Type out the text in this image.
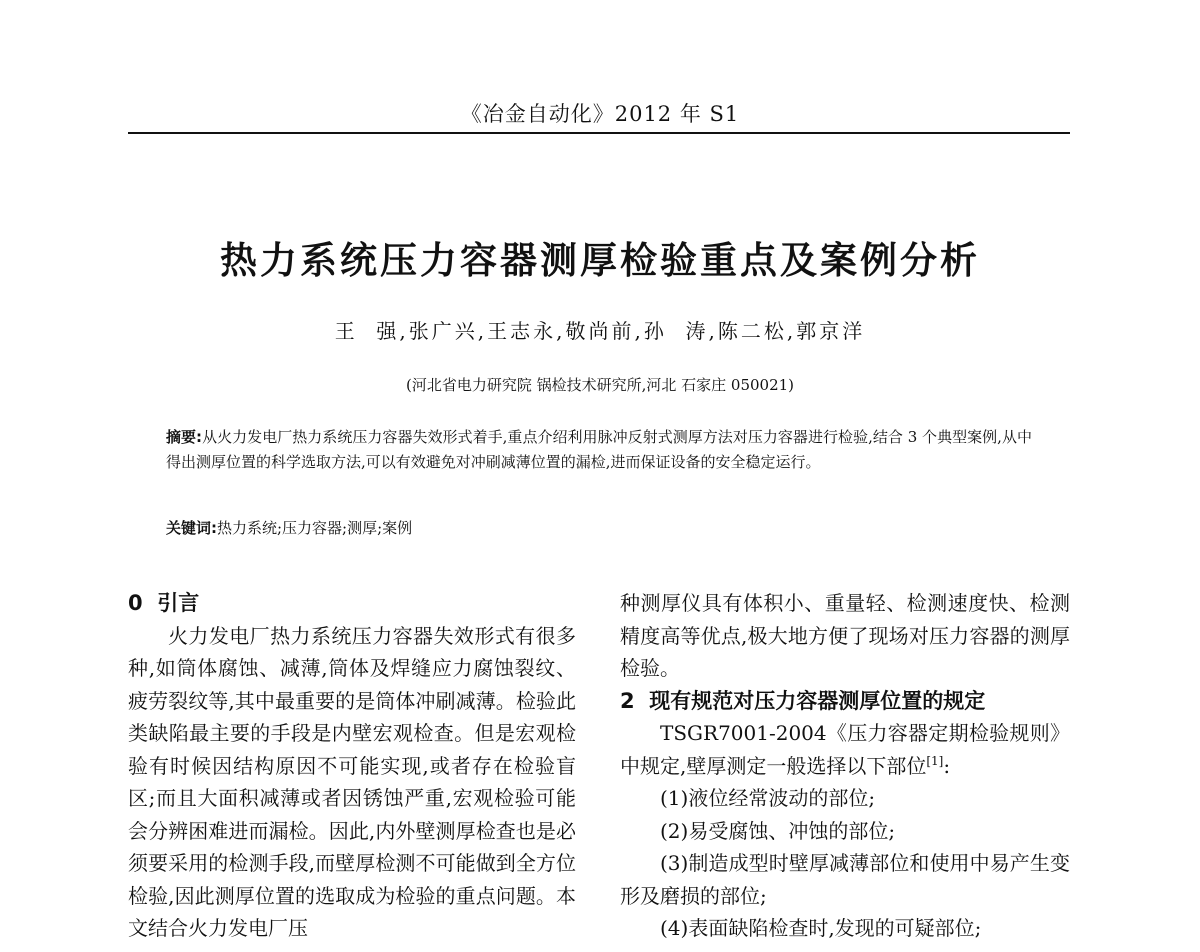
《冶金自动化》2012 年 S1
热力系统压力容器测厚检验重点及案例分析
王  强,张广兴,王志永,敬尚前,孙  涛,陈二松,郭京洋
(河北省电力研究院 锅检技术研究所,河北 石家庄 050021)
摘要:从火力发电厂热力系统压力容器失效形式着手,重点介绍利用脉冲反射式测厚方法对压力容器进行检验,结合 3 个典型案例,从中得出测厚位置的科学选取方法,可以有效避免对冲刷减薄位置的漏检,进而保证设备的安全稳定运行。
关键词:热力系统;压力容器;测厚;案例
0  引言

火力发电厂热力系统压力容器失效形式有很多种,如筒体腐蚀、减薄,筒体及焊缝应力腐蚀裂纹、疲劳裂纹等,其中最重要的是筒体冲刷减薄。检验此类缺陷最主要的手段是内壁宏观检查。但是宏观检验有时候因结构原因不可能实现,或者存在检验盲区;而且大面积减薄或者因锈蚀严重,宏观检验可能会分辨困难进而漏检。因此,内外壁测厚检查也是必须要采用的检测手段,而壁厚检测不可能做到全方位检验,因此测厚位置的选取成为检验的重点问题。本文结合火力发电厂压

种测厚仪具有体积小、重量轻、检测速度快、检测精度高等优点,极大地方便了现场对压力容器的测厚检验。

2  现有规范对压力容器测厚位置的规定

TSGR7001-2004《压力容器定期检验规则》中规定,壁厚测定一般选择以下部位[1]:

(1)液位经常波动的部位;
(2)易受腐蚀、冲蚀的部位;
(3)制造成型时壁厚减薄部位和使用中易产生变形及磨损的部位;
(4)表面缺陷检查时,发现的可疑部位;
